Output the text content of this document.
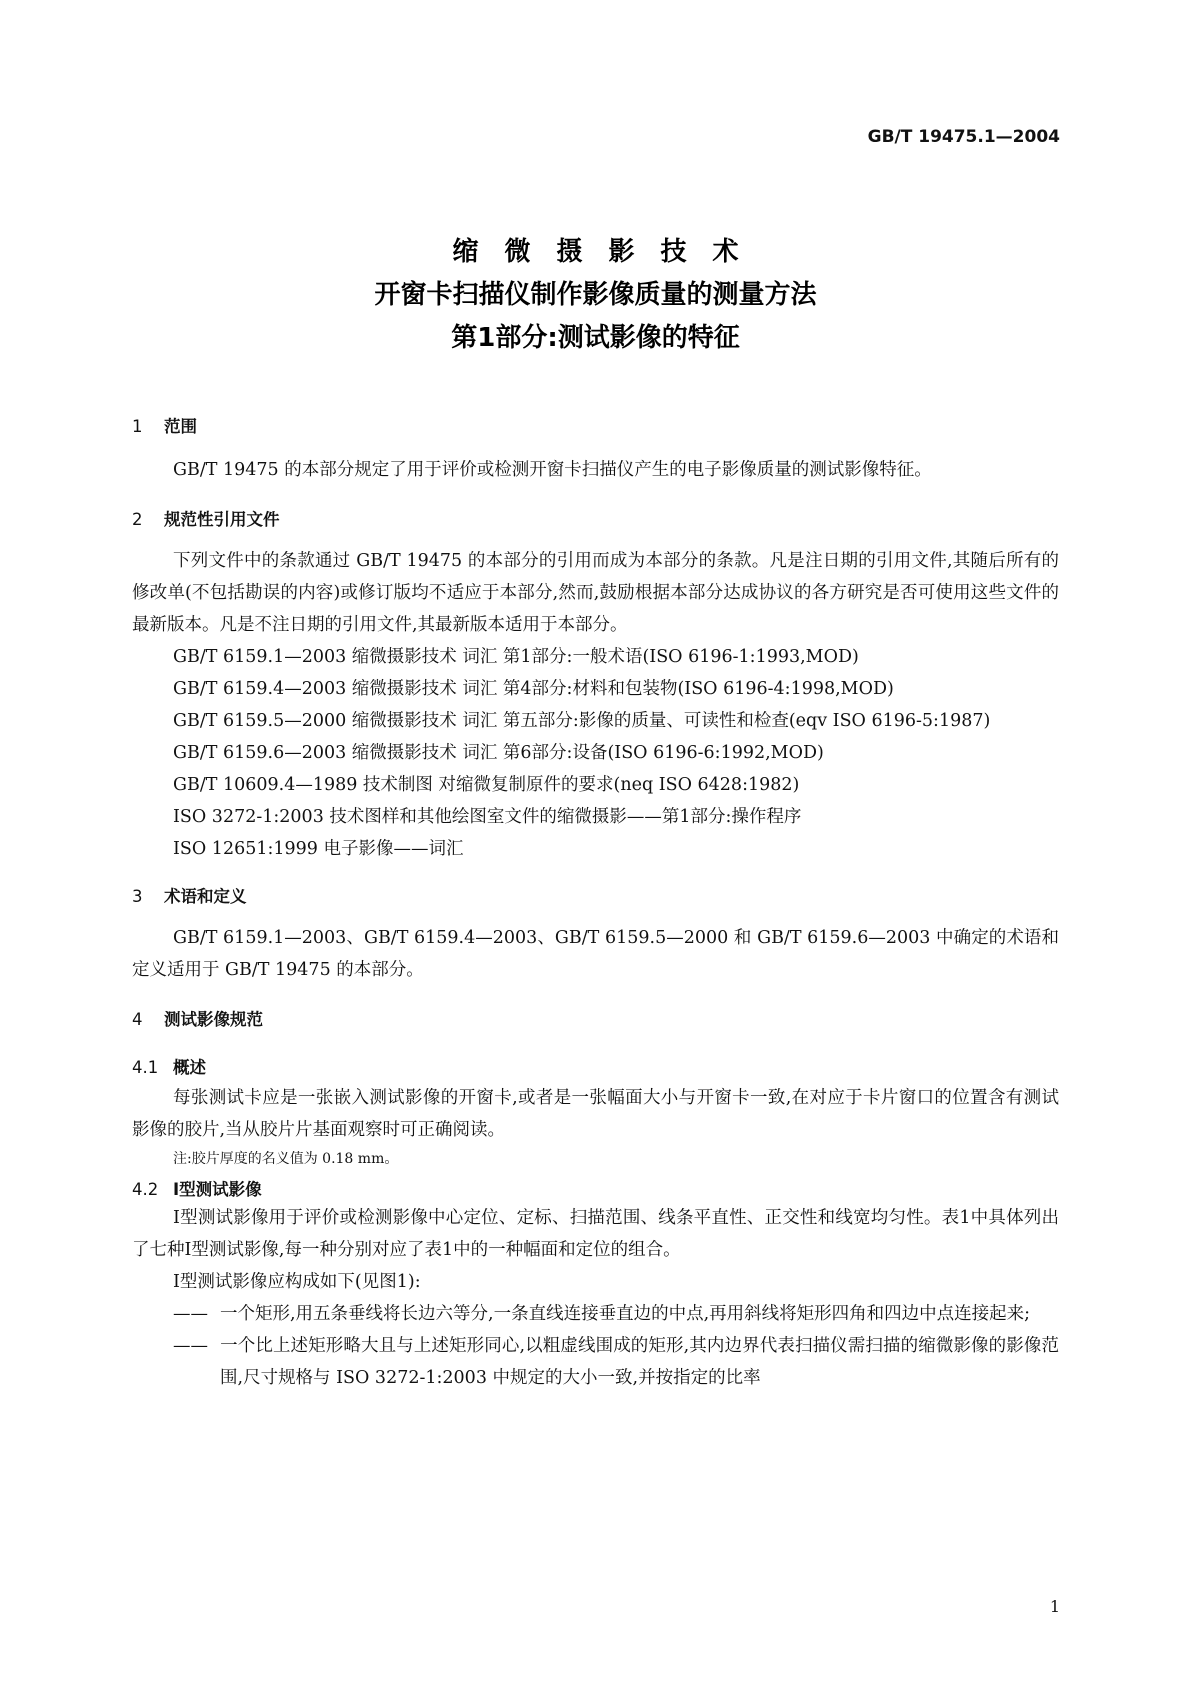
GB/T 19475.1—2004
缩微摄影技术
开窗卡扫描仪制作影像质量的测量方法
第1部分:测试影像的特征

1 范围

GB/T 19475 的本部分规定了用于评价或检测开窗卡扫描仪产生的电子影像质量的测试影像特征。

2 规范性引用文件

下列文件中的条款通过 GB/T 19475 的本部分的引用而成为本部分的条款。凡是注日期的引用文件,其随后所有的修改单(不包括勘误的内容)或修订版均不适应于本部分,然而,鼓励根据本部分达成协议的各方研究是否可使用这些文件的最新版本。凡是不注日期的引用文件,其最新版本适用于本部分。

GB/T 6159.1—2003 缩微摄影技术 词汇 第1部分:一般术语(ISO 6196-1:1993,MOD)

GB/T 6159.4—2003 缩微摄影技术 词汇 第4部分:材料和包装物(ISO 6196-4:1998,MOD)

GB/T 6159.5—2000 缩微摄影技术 词汇 第五部分:影像的质量、可读性和检查(eqv ISO 6196-5:1987)

GB/T 6159.6—2003 缩微摄影技术 词汇 第6部分:设备(ISO 6196-6:1992,MOD)

GB/T 10609.4—1989 技术制图 对缩微复制原件的要求(neq ISO 6428:1982)

ISO 3272-1:2003 技术图样和其他绘图室文件的缩微摄影——第1部分:操作程序

ISO 12651:1999 电子影像——词汇

3 术语和定义

GB/T 6159.1—2003、GB/T 6159.4—2003、GB/T 6159.5—2000 和 GB/T 6159.6—2003 中确定的术语和定义适用于 GB/T 19475 的本部分。

4 测试影像规范

4.1 概述

每张测试卡应是一张嵌入测试影像的开窗卡,或者是一张幅面大小与开窗卡一致,在对应于卡片窗口的位置含有测试影像的胶片,当从胶片片基面观察时可正确阅读。

注:胶片厚度的名义值为 0.18 mm。

4.2 Ⅰ型测试影像

Ⅰ型测试影像用于评价或检测影像中心定位、定标、扫描范围、线条平直性、正交性和线宽均匀性。表1中具体列出了七种Ⅰ型测试影像,每一种分别对应了表1中的一种幅面和定位的组合。

Ⅰ型测试影像应构成如下(见图1):

—— 一个矩形,用五条垂线将长边六等分,一条直线连接垂直边的中点,再用斜线将矩形四角和四边中点连接起来;

—— 一个比上述矩形略大且与上述矩形同心,以粗虚线围成的矩形,其内边界代表扫描仪需扫描的缩微影像的影像范围,尺寸规格与 ISO 3272-1:2003 中规定的大小一致,并按指定的比率

1
